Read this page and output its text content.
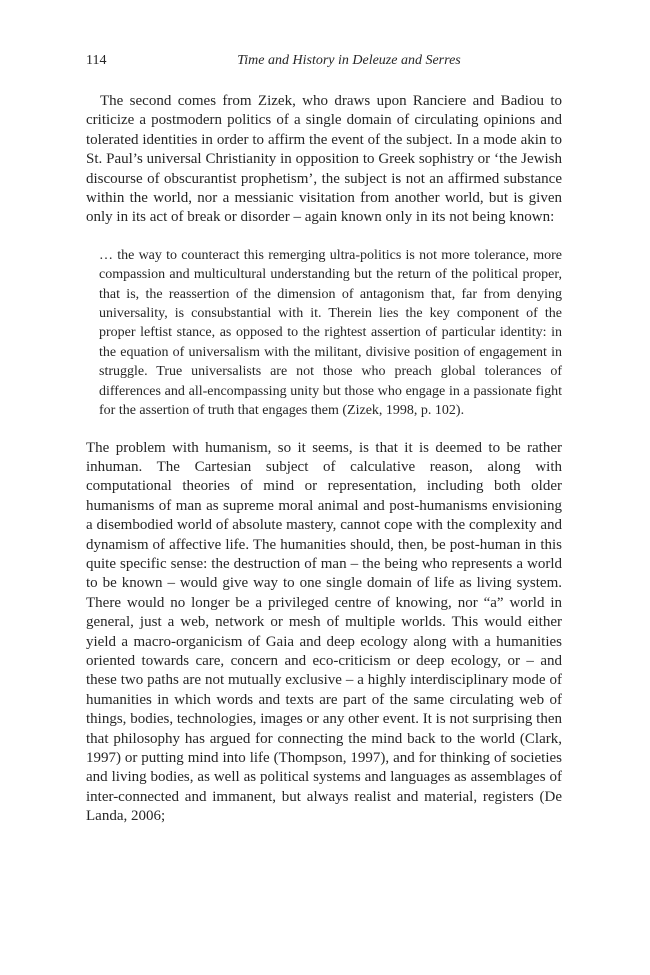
114	Time and History in Deleuze and Serres

The second comes from Zizek, who draws upon Ranciere and Badiou to criticize a postmodern politics of a single domain of circulating opinions and tolerated identities in order to affirm the event of the subject. In a mode akin to St. Paul’s universal Christianity in opposition to Greek sophistry or ‘the Jewish discourse of obscurantist prophetism’, the subject is not an affirmed substance within the world, nor a messianic visitation from another world, but is given only in its act of break or disorder – again known only in its not being known:

… the way to counteract this remerging ultra-politics is not more tolerance, more compassion and multicultural understanding but the return of the political proper, that is, the reassertion of the dimension of antagonism that, far from denying universality, is consubstantial with it. Therein lies the key component of the proper leftist stance, as opposed to the rightest assertion of particular identity: in the equation of universalism with the militant, divisive position of engagement in struggle. True universalists are not those who preach global tolerances of differences and all-encompassing unity but those who engage in a passionate fight for the assertion of truth that engages them (Zizek, 1998, p. 102).

The problem with humanism, so it seems, is that it is deemed to be rather inhuman. The Cartesian subject of calculative reason, along with computational theories of mind or representation, including both older humanisms of man as supreme moral animal and post-humanisms envisioning a disembodied world of absolute mastery, cannot cope with the complexity and dynamism of affective life. The humanities should, then, be post-human in this quite specific sense: the destruction of man – the being who represents a world to be known – would give way to one single domain of life as living system. There would no longer be a privileged centre of knowing, nor “a” world in general, just a web, network or mesh of multiple worlds. This would either yield a macro-organicism of Gaia and deep ecology along with a humanities oriented towards care, concern and eco-criticism or deep ecology, or – and these two paths are not mutually exclusive – a highly interdisciplinary mode of humanities in which words and texts are part of the same circulating web of things, bodies, technologies, images or any other event. It is not surprising then that philosophy has argued for connecting the mind back to the world (Clark, 1997) or putting mind into life (Thompson, 1997), and for thinking of societies and living bodies, as well as political systems and languages as assemblages of inter-connected and immanent, but always realist and material, registers (De Landa, 2006;
